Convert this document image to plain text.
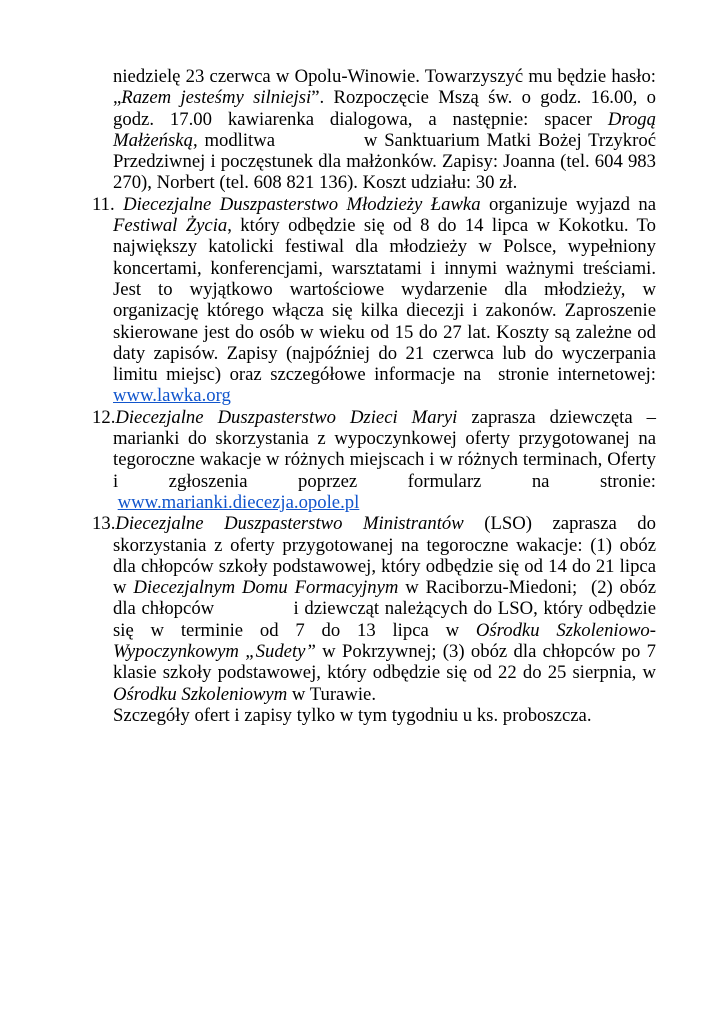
niedzielę 23 czerwca w Opolu-Winowie. Towarzyszyć mu będzie hasło: „Razem jesteśmy silniejsi”. Rozpoczęcie Mszą św. o godz. 16.00, o godz. 17.00 kawiarenka dialogowa, a następnie: spacer Drogą Małżeńską, modlitwa             w Sanktuarium Matki Bożej Trzykroć Przedziwnej i poczęstunek dla małżonków. Zapisy: Joanna (tel. 604 983 270), Norbert (tel. 608 821 136). Koszt udziału: 30 zł.

11. Diecezjalne Duszpasterstwo Młodzieży Ławka organizuje wyjazd na Festiwal Życia, który odbędzie się od 8 do 14 lipca w Kokotku. To największy katolicki festiwal dla młodzieży w Polsce, wypełniony koncertami, konferencjami, warsztatami i innymi ważnymi treściami. Jest to wyjątkowo wartościowe wydarzenie dla młodzieży, w organizację którego włącza się kilka diecezji i zakonów. Zaproszenie skierowane jest do osób w wieku od 15 do 27 lat. Koszty są zależne od daty zapisów. Zapisy (najpóźniej do 21 czerwca lub do wyczerpania limitu miejsc) oraz szczegółowe informacje na  stronie internetowej: www.lawka.org

12.Diecezjalne Duszpasterstwo Dzieci Maryi zaprasza dziewczęta – marianki do skorzystania z wypoczynkowej oferty przygotowanej na tegoroczne wakacje w różnych miejscach i w różnych terminach, Oferty i zgłoszenia poprzez formularz na stronie:  www.marianki.diecezja.opole.pl

13.Diecezjalne Duszpasterstwo Ministrantów (LSO) zaprasza do skorzystania z oferty przygotowanej na tegoroczne wakacje: (1) obóz dla chłopców szkoły podstawowej, który odbędzie się od 14 do 21 lipca w Diecezjalnym Domu Formacyjnym w Raciborzu-Miedoni;  (2) obóz dla chłopców              i dziewcząt należących do LSO, który odbędzie się w terminie od 7 do 13 lipca w Ośrodku Szkoleniowo-Wypoczynkowym „Sudety” w Pokrzywnej; (3) obóz dla chłopców po 7 klasie szkoły podstawowej, który odbędzie się od 22 do 25 sierpnia, w Ośrodku Szkoleniowym w Turawie.

Szczegóły ofert i zapisy tylko w tym tygodniu u ks. proboszcza.
